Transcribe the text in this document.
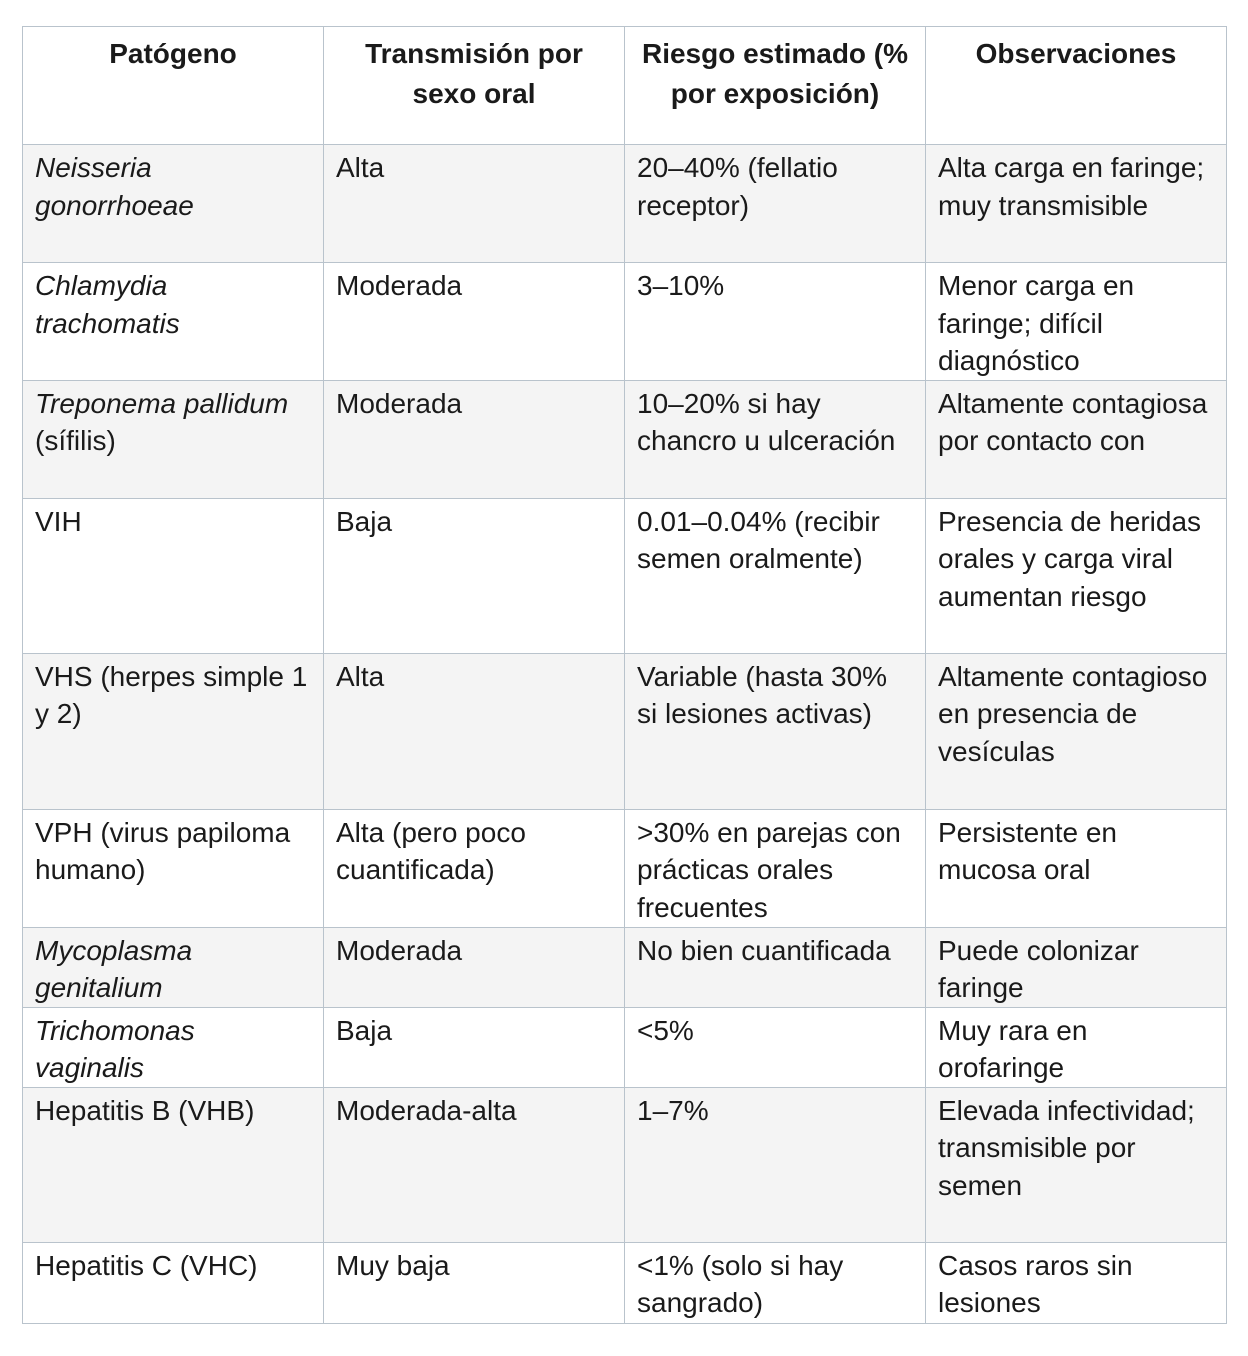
Patógeno	Transmisión por sexo oral	Riesgo estimado (% por exposición)	Observaciones
Neisseria gonorrhoeae	Alta	20–40% (fellatio receptor)	Alta carga en faringe; muy transmisible
Chlamydia trachomatis	Moderada	3–10%	Menor carga en faringe; difícil diagnóstico
Treponema pallidum (sífilis)	Moderada	10–20% si hay chancro u ulceración	Altamente contagiosa por contacto con
VIH	Baja	0.01–0.04% (recibir semen oralmente)	Presencia de heridas orales y carga viral aumentan riesgo
VHS (herpes simple 1 y 2)	Alta	Variable (hasta 30% si lesiones activas)	Altamente contagioso en presencia de vesículas
VPH (virus papiloma humano)	Alta (pero poco cuantificada)	>30% en parejas con prácticas orales frecuentes	Persistente en mucosa oral
Mycoplasma genitalium	Moderada	No bien cuantificada	Puede colonizar faringe
Trichomonas vaginalis	Baja	<5%	Muy rara en orofaringe
Hepatitis B (VHB)	Moderada-alta	1–7%	Elevada infectividad; transmisible por semen
Hepatitis C (VHC)	Muy baja	<1% (solo si hay sangrado)	Casos raros sin lesiones
